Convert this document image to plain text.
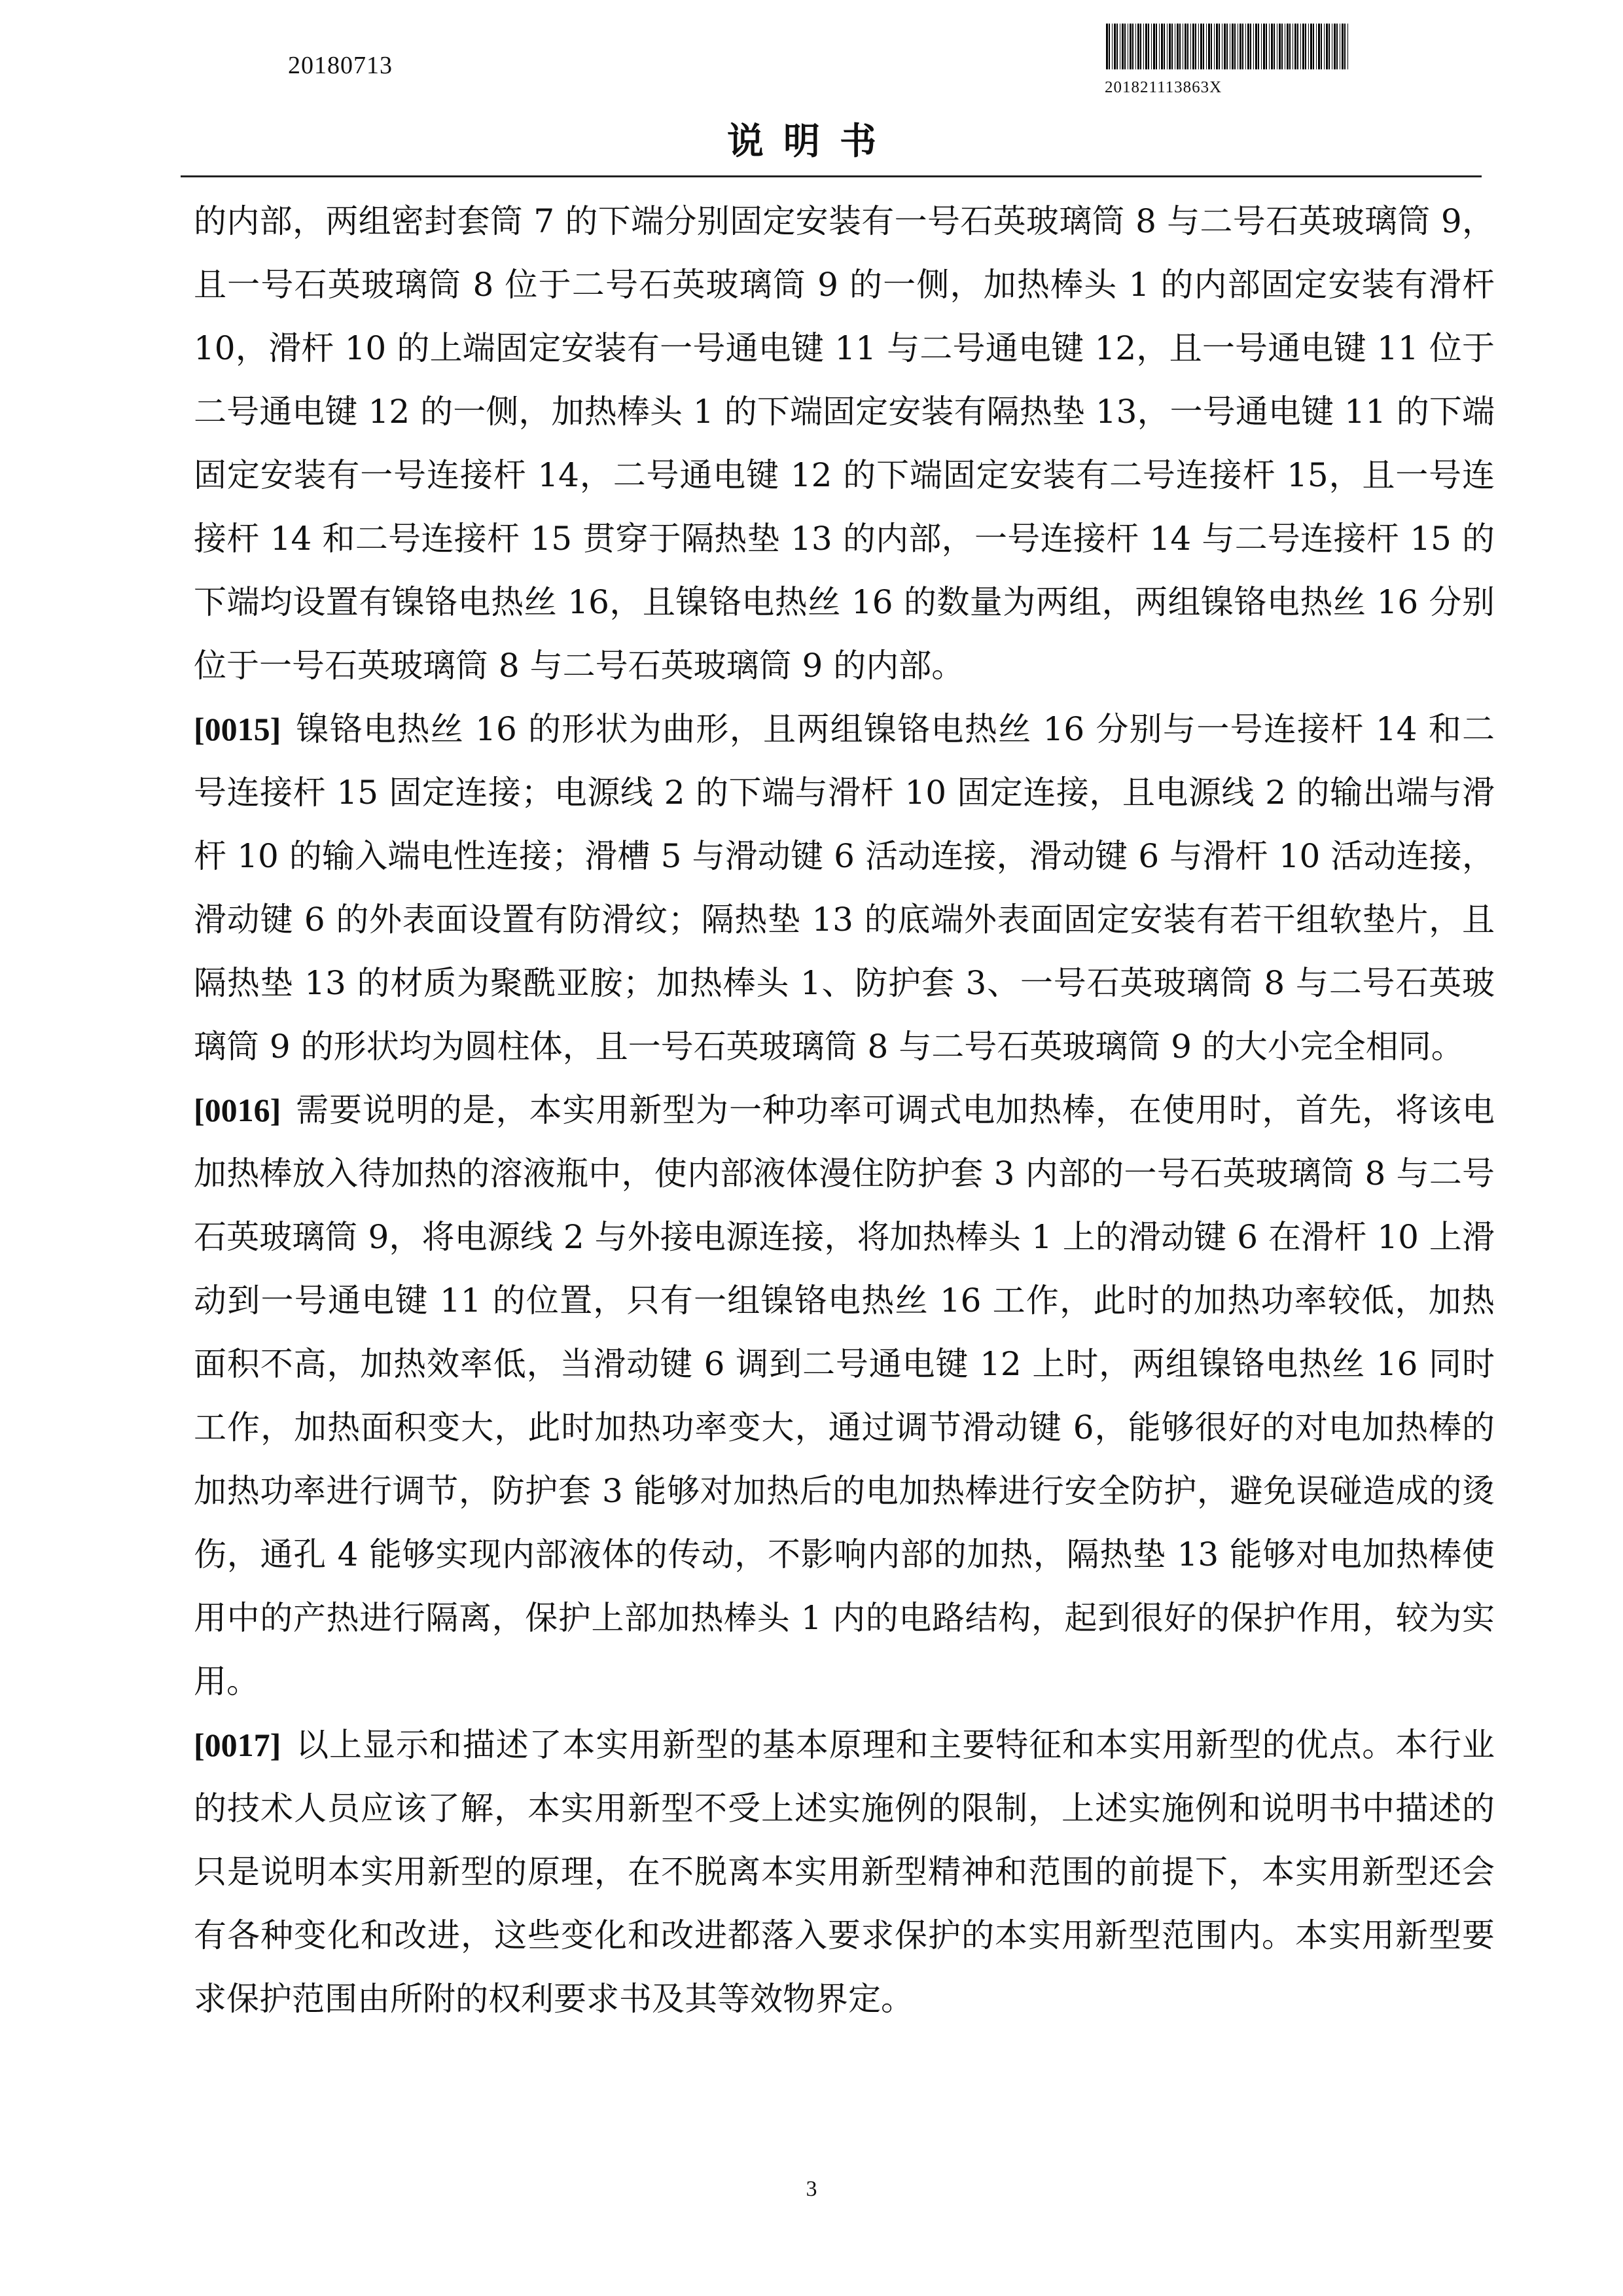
20180713
201821113863X
说明书

的内部，两组密封套筒 7 的下端分别固定安装有一号石英玻璃筒 8 与二号石英玻璃筒 9，且一号石英玻璃筒 8 位于二号石英玻璃筒 9 的一侧，加热棒头 1 的内部固定安装有滑杆 10，滑杆 10 的上端固定安装有一号通电键 11 与二号通电键 12，且一号通电键 11 位于二号通电键 12 的一侧，加热棒头 1 的下端固定安装有隔热垫 13，一号通电键 11 的下端固定安装有一号连接杆 14，二号通电键 12 的下端固定安装有二号连接杆 15，且一号连接杆 14 和二号连接杆 15 贯穿于隔热垫 13 的内部，一号连接杆 14 与二号连接杆 15 的下端均设置有镍铬电热丝 16，且镍铬电热丝 16 的数量为两组，两组镍铬电热丝 16 分别位于一号石英玻璃筒 8 与二号石英玻璃筒 9 的内部。

[0015] 镍铬电热丝 16 的形状为曲形，且两组镍铬电热丝 16 分别与一号连接杆 14 和二号连接杆 15 固定连接；电源线 2 的下端与滑杆 10 固定连接，且电源线 2 的输出端与滑杆 10 的输入端电性连接；滑槽 5 与滑动键 6 活动连接，滑动键 6 与滑杆 10 活动连接，滑动键 6 的外表面设置有防滑纹；隔热垫 13 的底端外表面固定安装有若干组软垫片，且隔热垫 13 的材质为聚酰亚胺；加热棒头 1、防护套 3、一号石英玻璃筒 8 与二号石英玻璃筒 9 的形状均为圆柱体，且一号石英玻璃筒 8 与二号石英玻璃筒 9 的大小完全相同。

[0016] 需要说明的是，本实用新型为一种功率可调式电加热棒，在使用时，首先，将该电加热棒放入待加热的溶液瓶中，使内部液体漫住防护套 3 内部的一号石英玻璃筒 8 与二号石英玻璃筒 9，将电源线 2 与外接电源连接，将加热棒头 1 上的滑动键 6 在滑杆 10 上滑动到一号通电键 11 的位置，只有一组镍铬电热丝 16 工作，此时的加热功率较低，加热面积不高，加热效率低，当滑动键 6 调到二号通电键 12 上时，两组镍铬电热丝 16 同时工作，加热面积变大，此时加热功率变大，通过调节滑动键 6，能够很好的对电加热棒的加热功率进行调节，防护套 3 能够对加热后的电加热棒进行安全防护，避免误碰造成的烫伤，通孔 4 能够实现内部液体的传动，不影响内部的加热，隔热垫 13 能够对电加热棒使用中的产热进行隔离，保护上部加热棒头 1 内的电路结构，起到很好的保护作用，较为实用。

[0017] 以上显示和描述了本实用新型的基本原理和主要特征和本实用新型的优点。本行业的技术人员应该了解，本实用新型不受上述实施例的限制，上述实施例和说明书中描述的只是说明本实用新型的原理，在不脱离本实用新型精神和范围的前提下，本实用新型还会有各种变化和改进，这些变化和改进都落入要求保护的本实用新型范围内。本实用新型要求保护范围由所附的权利要求书及其等效物界定。

3
